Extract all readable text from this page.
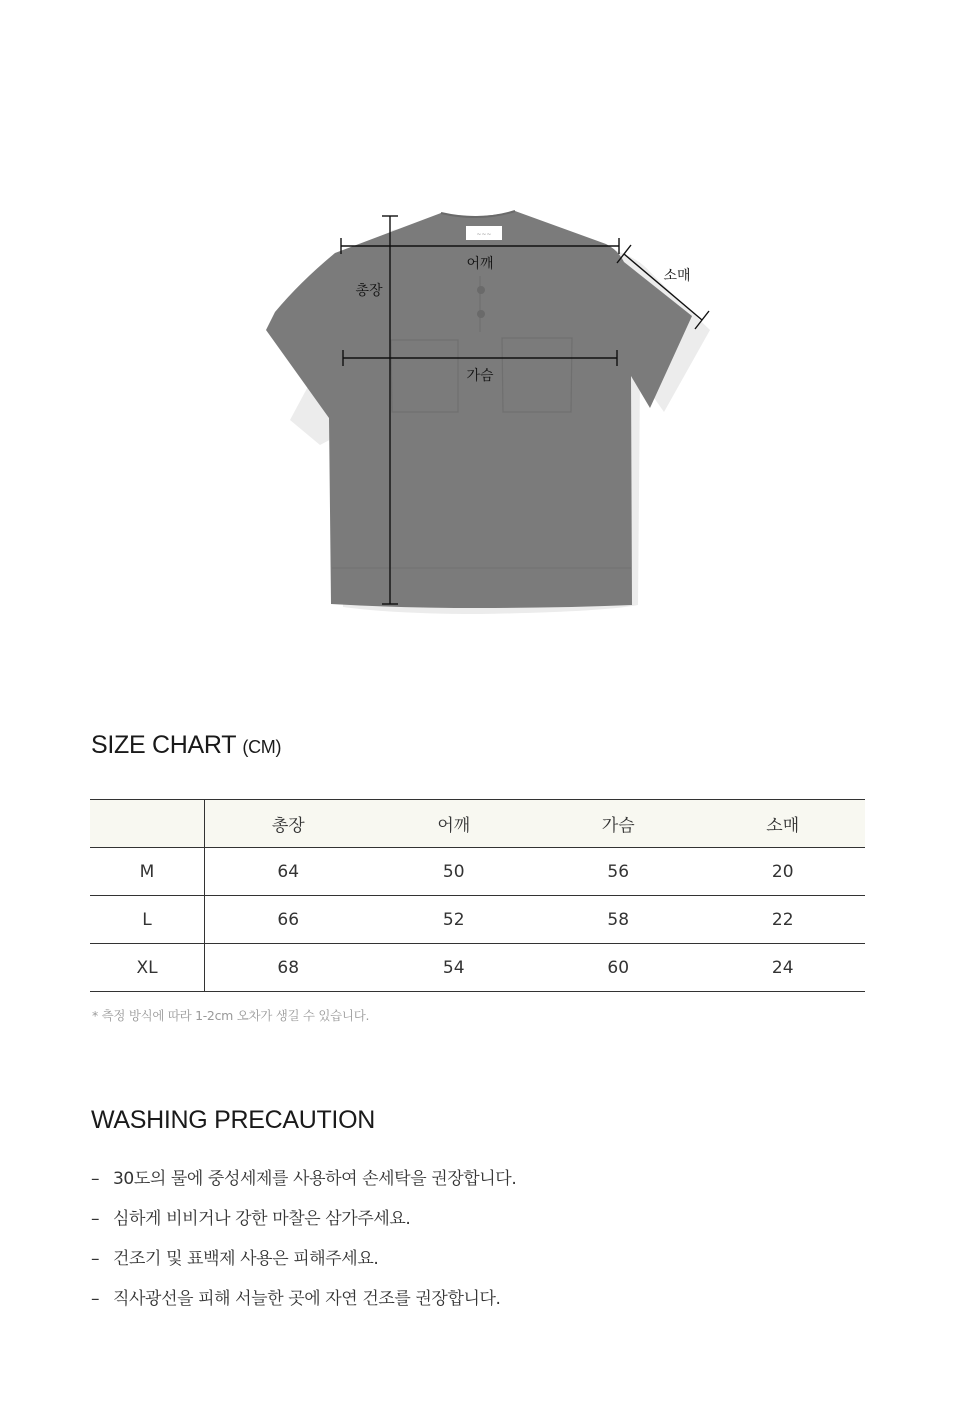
~~~
총장
어깨
소매
가슴
SIZE CHART (CM)
	총장	어깨	가슴	소매
M	64	50	56	20
L	66	52	58	22
XL	68	54	60	24
* 측정 방식에 따라 1-2cm 오차가 생길 수 있습니다.
WASHING PRECAUTION
– 30도의 물에 중성세제를 사용하여 손세탁을 권장합니다.
– 심하게 비비거나 강한 마찰은 삼가주세요.
– 건조기 및 표백제 사용은 피해주세요.
– 직사광선을 피해 서늘한 곳에 자연 건조를 권장합니다.
